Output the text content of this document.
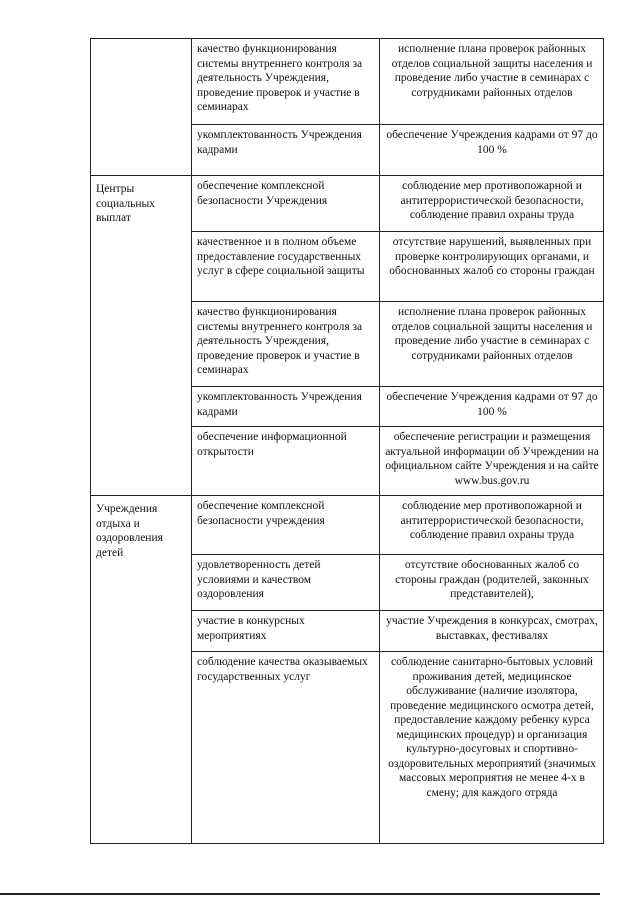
	качество функционирования системы внутреннего контроля за деятельность Учреждения, проведение проверок и участие в семинарах	исполнение плана проверок районных отделов социальной защиты населения и проведение либо участие в семинарах с сотрудниками районных отделов
	укомплектованность Учреждения кадрами	обеспечение Учреждения кадрами от 97 до 100 %
Центры социальных выплат	обеспечение комплексной безопасности Учреждения	соблюдение мер противопожарной и антитеррористической безопасности, соблюдение правил охраны труда
	качественное и в полном объеме предоставление государственных услуг в сфере социальной защиты	отсутствие нарушений, выявленных при проверке контролирующих органами, и обоснованных жалоб со стороны граждан
	качество функционирования системы внутреннего контроля за деятельность Учреждения, проведение проверок и участие в семинарах	исполнение плана проверок районных отделов социальной защиты населения и проведение либо участие в семинарах с сотрудниками районных отделов
	укомплектованность Учреждения кадрами	обеспечение Учреждения кадрами от 97 до 100 %
	обеспечение информационной открытости	обеспечение регистрации и размещения актуальной информации об Учреждении на официальном сайте Учреждения и на сайте www.bus.gov.ru
Учреждения отдыха и оздоровления детей	обеспечение комплексной безопасности учреждения	соблюдение мер противопожарной и антитеррористической безопасности, соблюдение правил охраны труда
	удовлетворенность детей условиями и качеством оздоровления	отсутствие обоснованных жалоб со стороны граждан (родителей, законных представителей),
	участие в конкурсных мероприятиях	участие Учреждения в конкурсах, смотрах, выставках, фестивалях
	соблюдение качества оказываемых государственных услуг	соблюдение санитарно-бытовых условий проживания детей, медицинское обслуживание (наличие изолятора, проведение медицинского осмотра детей, предоставление каждому ребенку курса медицинских процедур) и организация культурно-досуговых и спортивно-оздоровительных мероприятий (значимых массовых мероприятия не менее 4-х в смену; для каждого отряда
